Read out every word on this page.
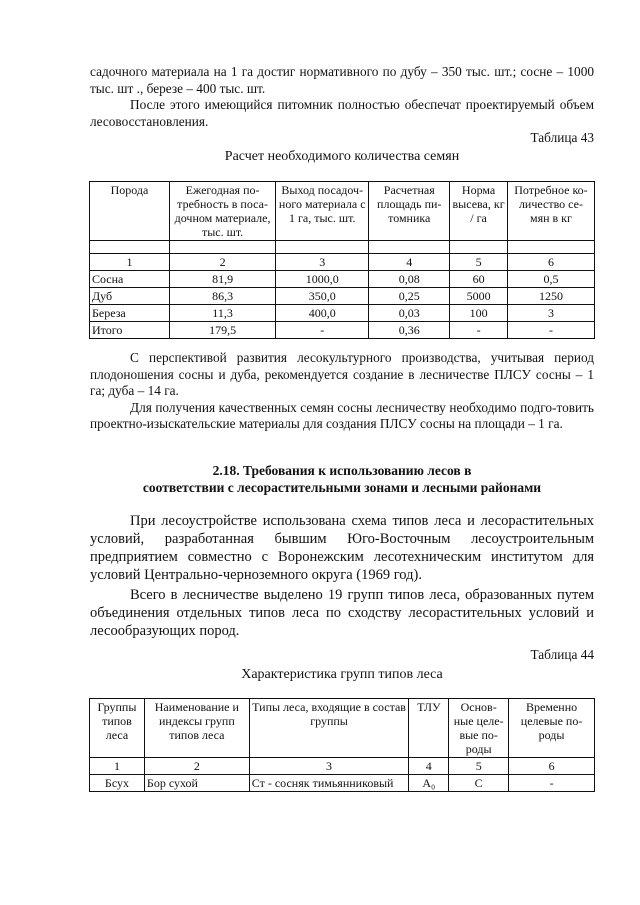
садочного материала на 1 га достиг нормативного по дубу – 350 тыс. шт.; сосне – 1000 тыс. шт ., березе – 400 тыс. шт.

После этого имеющийся питомник полностью обеспечат проектируемый объем лесовосстановления.

Таблица 43
Расчет необходимого количества семян
Порода	Ежегодная по-требность в поса-дочном материале, тыс. шт.	Выход посадоч-ного материала с 1 га, тыс. шт.	Расчетная площадь пи-томника	Норма высева, кг / га	Потребное ко-личество се-мян в кг

1	2	3	4	5	6
Сосна	81,9	1000,0	0,08	60	0,5
Дуб	86,3	350,0	0,25	5000	1250
Береза	11,3	400,0	0,03	100	3
Итого	179,5	-	0,36	-	-

С перспективой развития лесокультурного производства, учитывая период плодоношения сосны и дуба, рекомендуется создание в лесничестве ПЛСУ сосны – 1 га; дуба – 14 га.

Для получения качественных семян сосны лесничеству необходимо подго-товить проектно-изыскательские материалы для создания ПЛСУ сосны на площади – 1 га.

2.18. Требования к использованию лесов в
соответствии с лесорастительными зонами и лесными районами

При лесоустройстве использована схема типов леса и лесорастительных условий, разработанная бывшим Юго-Восточным лесоустроительным предприятием совместно с Воронежским лесотехническим институтом для условий Центрально-черноземного округа (1969 год).

Всего в лесничестве выделено 19 групп типов леса, образованных путем объединения отдельных типов леса по сходству лесорастительных условий и лесообразующих пород.

Таблица 44
Характеристика групп типов леса
Группы типов леса	Наименование и индексы групп типов леса	Типы леса, входящие в состав группы	ТЛУ	Основ-ные целе-вые по-роды	Временно целевые по-роды
1	2	3	4	5	6
Бсух	Бор сухой	Ст - сосняк тимьянниковый	А₀	С	-
